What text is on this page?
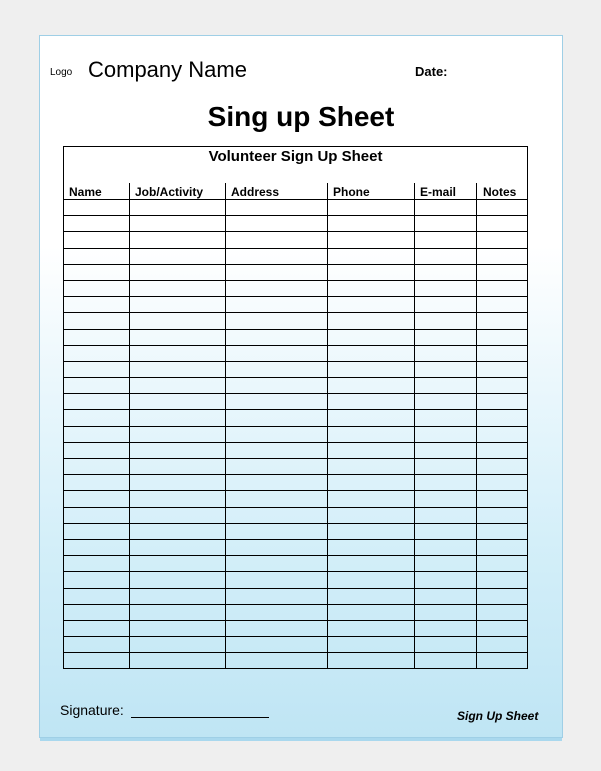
Logo Company Name	Date:
Sing up Sheet
Volunteer Sign Up Sheet					
Name	Job/Activity	Address	Phone	E-mail	Notes

Signature:	Sign Up Sheet
